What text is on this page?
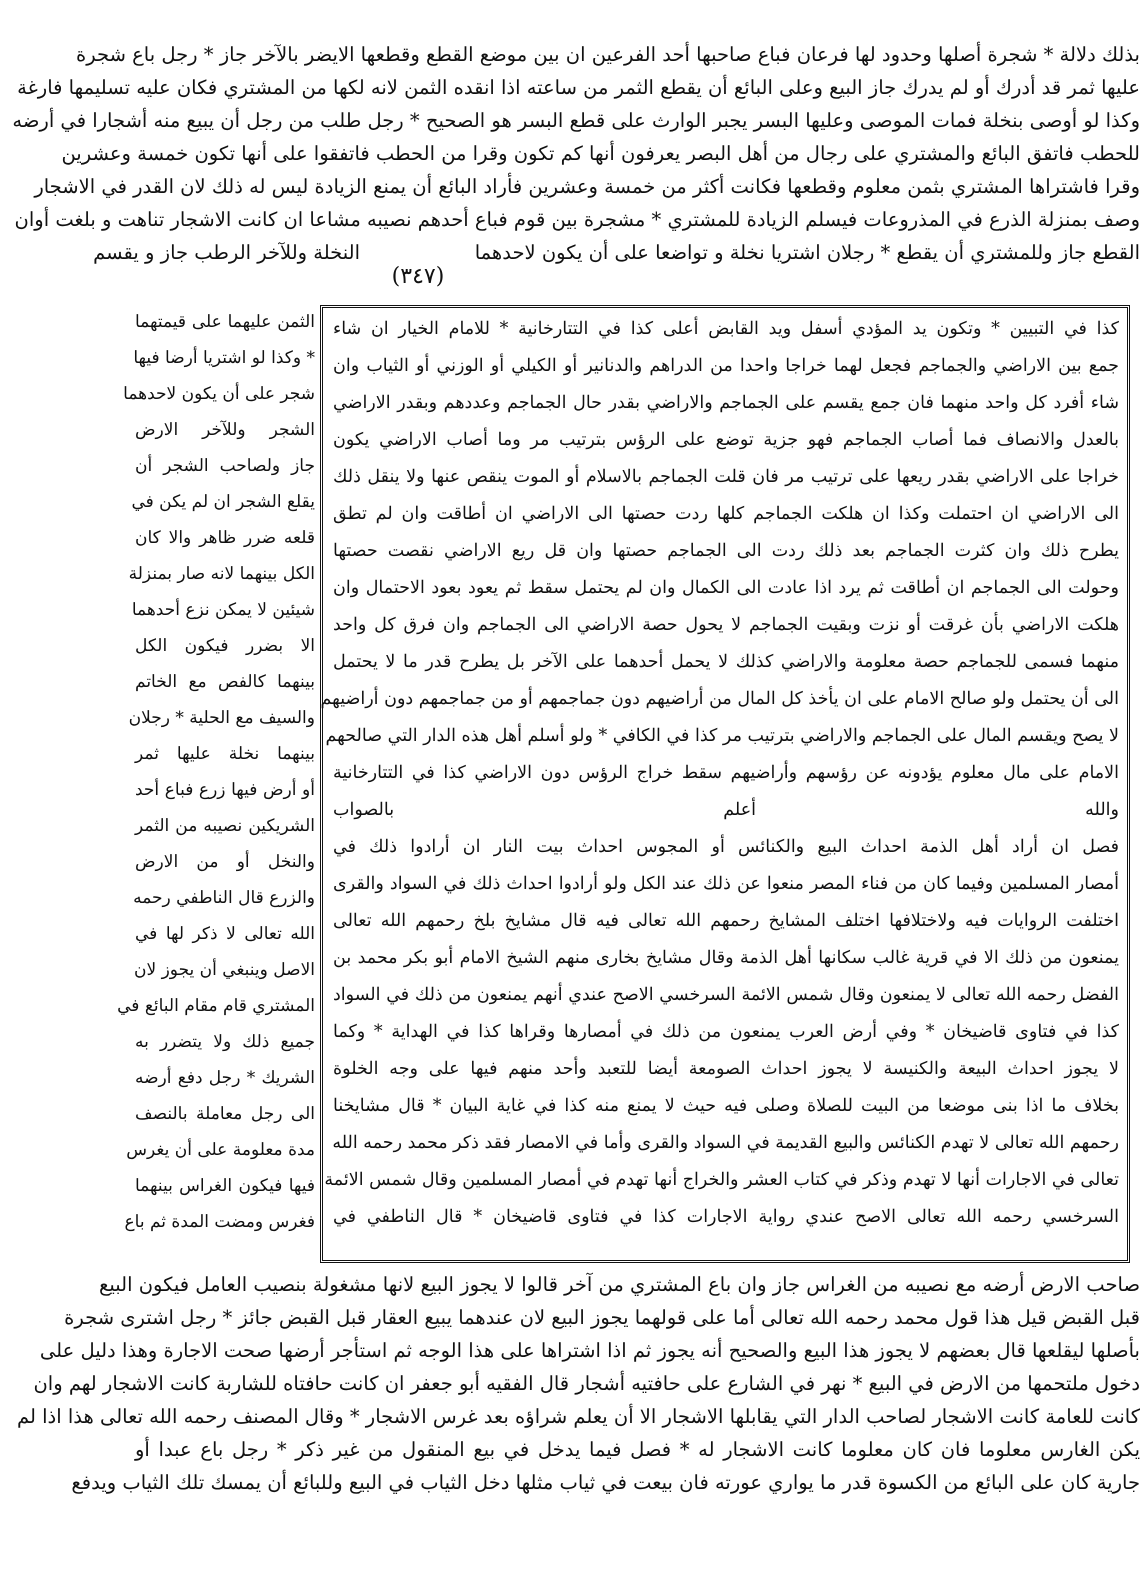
بذلك دلالة * شجرة أصلها وحدود لها فرعان فباع صاحبها أحد الفرعين ان بين موضع القطع وقطعها الايضر بالآخر جاز * رجل باع شجرة
عليها ثمر قد أدرك أو لم يدرك جاز البيع وعلى البائع أن يقطع الثمر من ساعته اذا انقده الثمن لانه لكها من المشتري فكان عليه تسليمها فارغة
وكذا لو أوصى بنخلة فمات الموصى وعليها البسر يجبر الوارث على قطع البسر هو الصحيح * رجل طلب من رجل أن يبيع منه أشجارا في أرضه
للحطب فاتفق البائع والمشتري على رجال من أهل البصر يعرفون أنها كم تكون وقرا من الحطب فاتفقوا على أنها تكون خمسة وعشرين
وقرا فاشتراها المشتري بثمن معلوم وقطعها فكانت أكثر من خمسة وعشرين فأراد البائع أن يمنع الزيادة ليس له ذلك لان القدر في الاشجار
وصف بمنزلة الذرع في المذروعات فيسلم الزيادة للمشتري * مشجرة بين قوم فباع أحدهم نصيبه مشاعا ان كانت الاشجار تناهت و بلغت أوان
القطع جاز وللمشتري أن يقطع * رجلان اشتريا نخلة و تواضعا على أن يكون لاحدهما
النخلة وللآخر الرطب جاز و يقسم
( ٣٤٧ )
كذا في التبيين * وتكون يد المؤدي أسفل ويد القابض أعلى كذا في التتارخانية * للامام الخيار ان شاء
جمع بين الاراضي والجماجم فجعل لهما خراجا واحدا من الدراهم والدنانير أو الكيلي أو الوزني أو الثياب وان
شاء أفرد كل واحد منهما فان جمع يقسم على الجماجم والاراضي بقدر حال الجماجم وعددهم وبقدر الاراضي
بالعدل والانصاف فما أصاب الجماجم فهو جزية توضع على الرؤس بترتيب مر وما أصاب الاراضي يكون
خراجا على الاراضي بقدر ريعها على ترتيب مر فان قلت الجماجم بالاسلام أو الموت ينقص عنها ولا ينقل ذلك
الى الاراضي ان احتملت وكذا ان هلكت الجماجم كلها ردت حصتها الى الاراضي ان أطاقت وان لم تطق
يطرح ذلك وان كثرت الجماجم بعد ذلك ردت الى الجماجم حصتها وان قل ريع الاراضي نقصت حصتها
وحولت الى الجماجم ان أطاقت ثم يرد اذا عادت الى الكمال وان لم يحتمل سقط ثم يعود بعود الاحتمال وان
هلكت الاراضي بأن غرقت أو نزت وبقيت الجماجم لا يحول حصة الاراضي الى الجماجم وان فرق كل واحد
منهما فسمى للجماجم حصة معلومة والاراضي كذلك لا يحمل أحدهما على الآخر بل يطرح قدر ما لا يحتمل
الى أن يحتمل ولو صالح الامام على ان يأخذ كل المال من أراضيهم دون جماجمهم أو من جماجمهم دون أراضيهم
لا يصح ويقسم المال على الجماجم والاراضي بترتيب مر كذا في الكافي * ولو أسلم أهل هذه الدار التي صالحهم
الامام على مال معلوم يؤدونه عن رؤسهم وأراضيهم سقط خراج الرؤس دون الاراضي كذا في التتارخانية
والله أعلم بالصواب
فصل ان أراد أهل الذمة احداث البيع والكنائس أو المجوس احداث بيت النار ان أرادوا ذلك في
أمصار المسلمين وفيما كان من فناء المصر منعوا عن ذلك عند الكل ولو أرادوا احداث ذلك في السواد والقرى
اختلفت الروايات فيه ولاختلافها اختلف المشايخ رحمهم الله تعالى فيه قال مشايخ بلخ رحمهم الله تعالى
يمنعون من ذلك الا في قرية غالب سكانها أهل الذمة وقال مشايخ بخارى منهم الشيخ الامام أبو بكر محمد بن
الفضل رحمه الله تعالى لا يمنعون وقال شمس الائمة السرخسي الاصح عندي أنهم يمنعون من ذلك في السواد
كذا في فتاوى قاضيخان * وفي أرض العرب يمنعون من ذلك في أمصارها وقراها كذا في الهداية * وكما
لا يجوز احداث البيعة والكنيسة لا يجوز احداث الصومعة أيضا للتعبد وأحد منهم فيها على وجه الخلوة
بخلاف ما اذا بنى موضعا من البيت للصلاة وصلى فيه حيث لا يمنع منه كذا في غاية البيان * قال مشايخنا
رحمهم الله تعالى لا تهدم الكنائس والبيع القديمة في السواد والقرى وأما في الامصار فقد ذكر محمد رحمه الله
تعالى في الاجارات أنها لا تهدم وذكر في كتاب العشر والخراج أنها تهدم في أمصار المسلمين وقال شمس الائمة
السرخسي رحمه الله تعالى الاصح عندي رواية الاجارات كذا في فتاوى قاضيخان * قال الناطفي في
الثمن عليهما على قيمتهما
* وكذا لو اشتريا أرضا فيها
شجر على أن يكون لاحدهما
الشجر وللآخر الارض
جاز ولصاحب الشجر أن
يقلع الشجر ان لم يكن في
قلعه ضرر ظاهر والا كان
الكل بينهما لانه صار بمنزلة
شيئين لا يمكن نزع أحدهما
الا بضرر فيكون الكل
بينهما كالفص مع الخاتم
والسيف مع الحلية * رجلان
بينهما نخلة عليها ثمر
أو أرض فيها زرع فباع أحد
الشريكين نصيبه من الثمر
والنخل أو من الارض
والزرع قال الناطفي رحمه
الله تعالى لا ذكر لها في
الاصل وينبغي أن يجوز لان
المشتري قام مقام البائع في
جميع ذلك ولا يتضرر به
الشريك * رجل دفع أرضه
الى رجل معاملة بالنصف
مدة معلومة على أن يغرس
فيها فيكون الغراس بينهما
فغرس ومضت المدة ثم باع
صاحب الارض أرضه مع نصيبه من الغراس جاز وان باع المشتري من آخر قالوا لا يجوز البيع لانها مشغولة بنصيب العامل فيكون البيع
قبل القبض قيل هذا قول محمد رحمه الله تعالى أما على قولهما يجوز البيع لان عندهما يبيع العقار قبل القبض جائز * رجل اشترى شجرة
بأصلها ليقلعها قال بعضهم لا يجوز هذا البيع والصحيح أنه يجوز ثم اذا اشتراها على هذا الوجه ثم استأجر أرضها صحت الاجارة وهذا دليل على
دخول ملتحمها من الارض في البيع * نهر في الشارع على حافتيه أشجار قال الفقيه أبو جعفر ان كانت حافتاه للشاربة كانت الاشجار لهم وان
كانت للعامة كانت الاشجار لصاحب الدار التي يقابلها الاشجار الا أن يعلم شراؤه بعد غرس الاشجار * وقال المصنف رحمه الله تعالى هذا اذا لم
يكن الغارس معلوما فان كان معلوما كانت الاشجار له * فصل فيما يدخل في بيع المنقول من غير ذكر * رجل باع عبدا أو
جارية كان على البائع من الكسوة قدر ما يواري عورته فان بيعت في ثياب مثلها دخل الثياب في البيع وللبائع أن يمسك تلك الثياب ويدفع
